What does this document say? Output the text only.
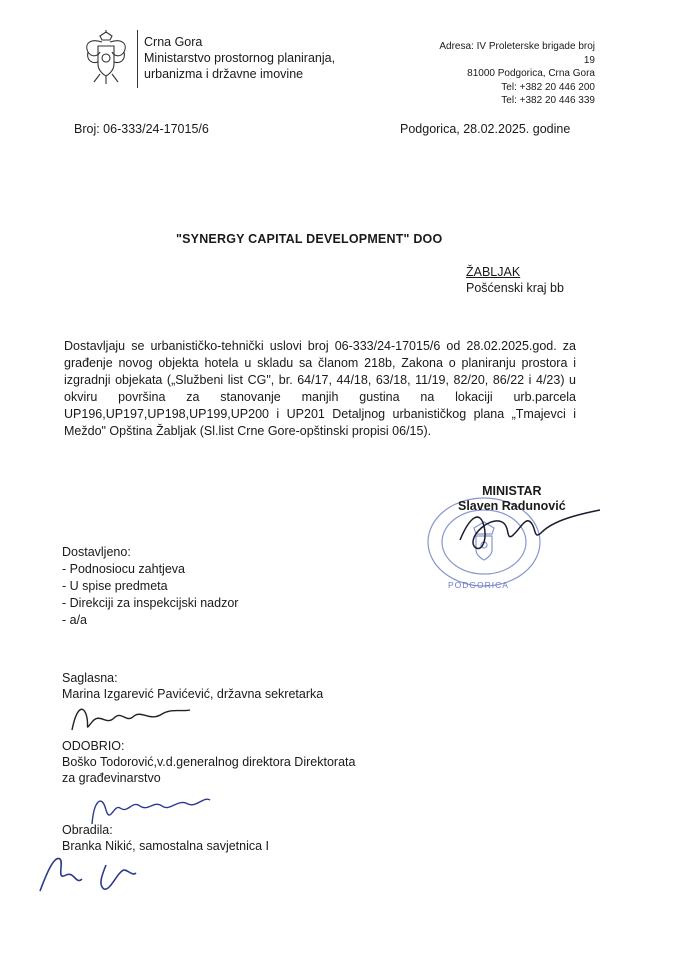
Crna Gora
Ministarstvo prostornog planiranja,
urbanizma i državne imovine
Adresa: IV Proleterske brigade broj
19
81000 Podgorica, Crna Gora
Tel: +382 20 446 200
Tel: +382 20 446 339
Broj: 06-333/24-17015/6	Podgorica, 28.02.2025. godine
"SYNERGY CAPITAL DEVELOPMENT" DOO
ŽABLJAK
Pošćenski kraj bb
Dostavljaju se urbanističko-tehnički uslovi broj 06-333/24-17015/6 od 28.02.2025.god. za građenje novog objekta hotela u skladu sa članom 218b, Zakona o planiranju prostora i izgradnji objekata („Službeni list CG", br. 64/17, 44/18, 63/18, 11/19, 82/20, 86/22 i 4/23) u okviru površina za stanovanje manjih gustina na lokaciji urb.parcela UP196,UP197,UP198,UP199,UP200 i UP201 Detaljnog urbanističkog plana „Tmajevci i Meždo" Opština Žabljak (Sl.list Crne Gore-opštinski propisi 06/15).
PODGORICA
MINISTAR
Slaven Radunović
Dostavljeno:
- Podnosiocu zahtjeva
- U spise predmeta
- Direkciji za inspekcijski nadzor
- a/a
Saglasna:
Marina Izgarević Pavićević, državna sekretarka
ODOBRIO:
Boško Todorović,v.d.generalnog direktora Direktorata
za građevinarstvo
Obradila:
Branka Nikić, samostalna savjetnica I
